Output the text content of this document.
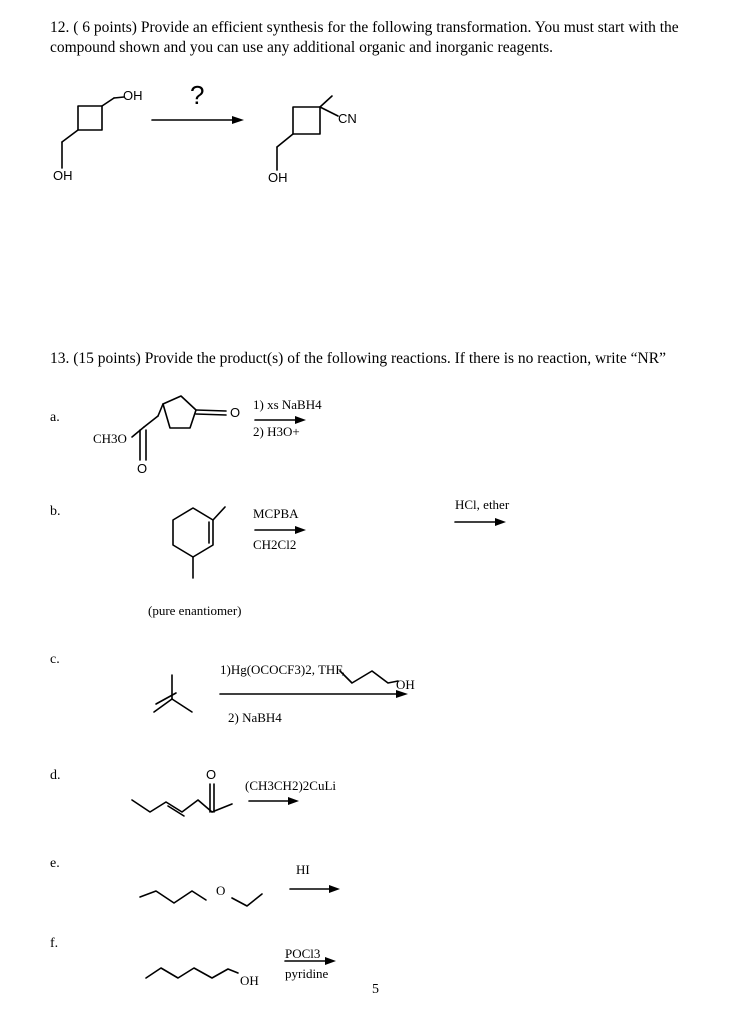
12. ( 6 points) Provide an efficient synthesis for the following transformation. You must start with the compound shown and you can use any additional organic and inorganic reagents.
13. (15 points) Provide the product(s) of the following reactions. If there is no reaction, write “NR”
OH
OH
?
CN
OH
a.
CH3O
O
O
1) xs NaBH4
2) H3O+
b.	MCPBA
CH2Cl2
(pure enantiomer)
HCl, ether
c.
1)Hg(OCOCF3)2, THF,
OH
2) NaBH4
d.	O
(CH3CH2)2CuLi
e.
O
HI
f.
OH
POCl3
pyridine
5
